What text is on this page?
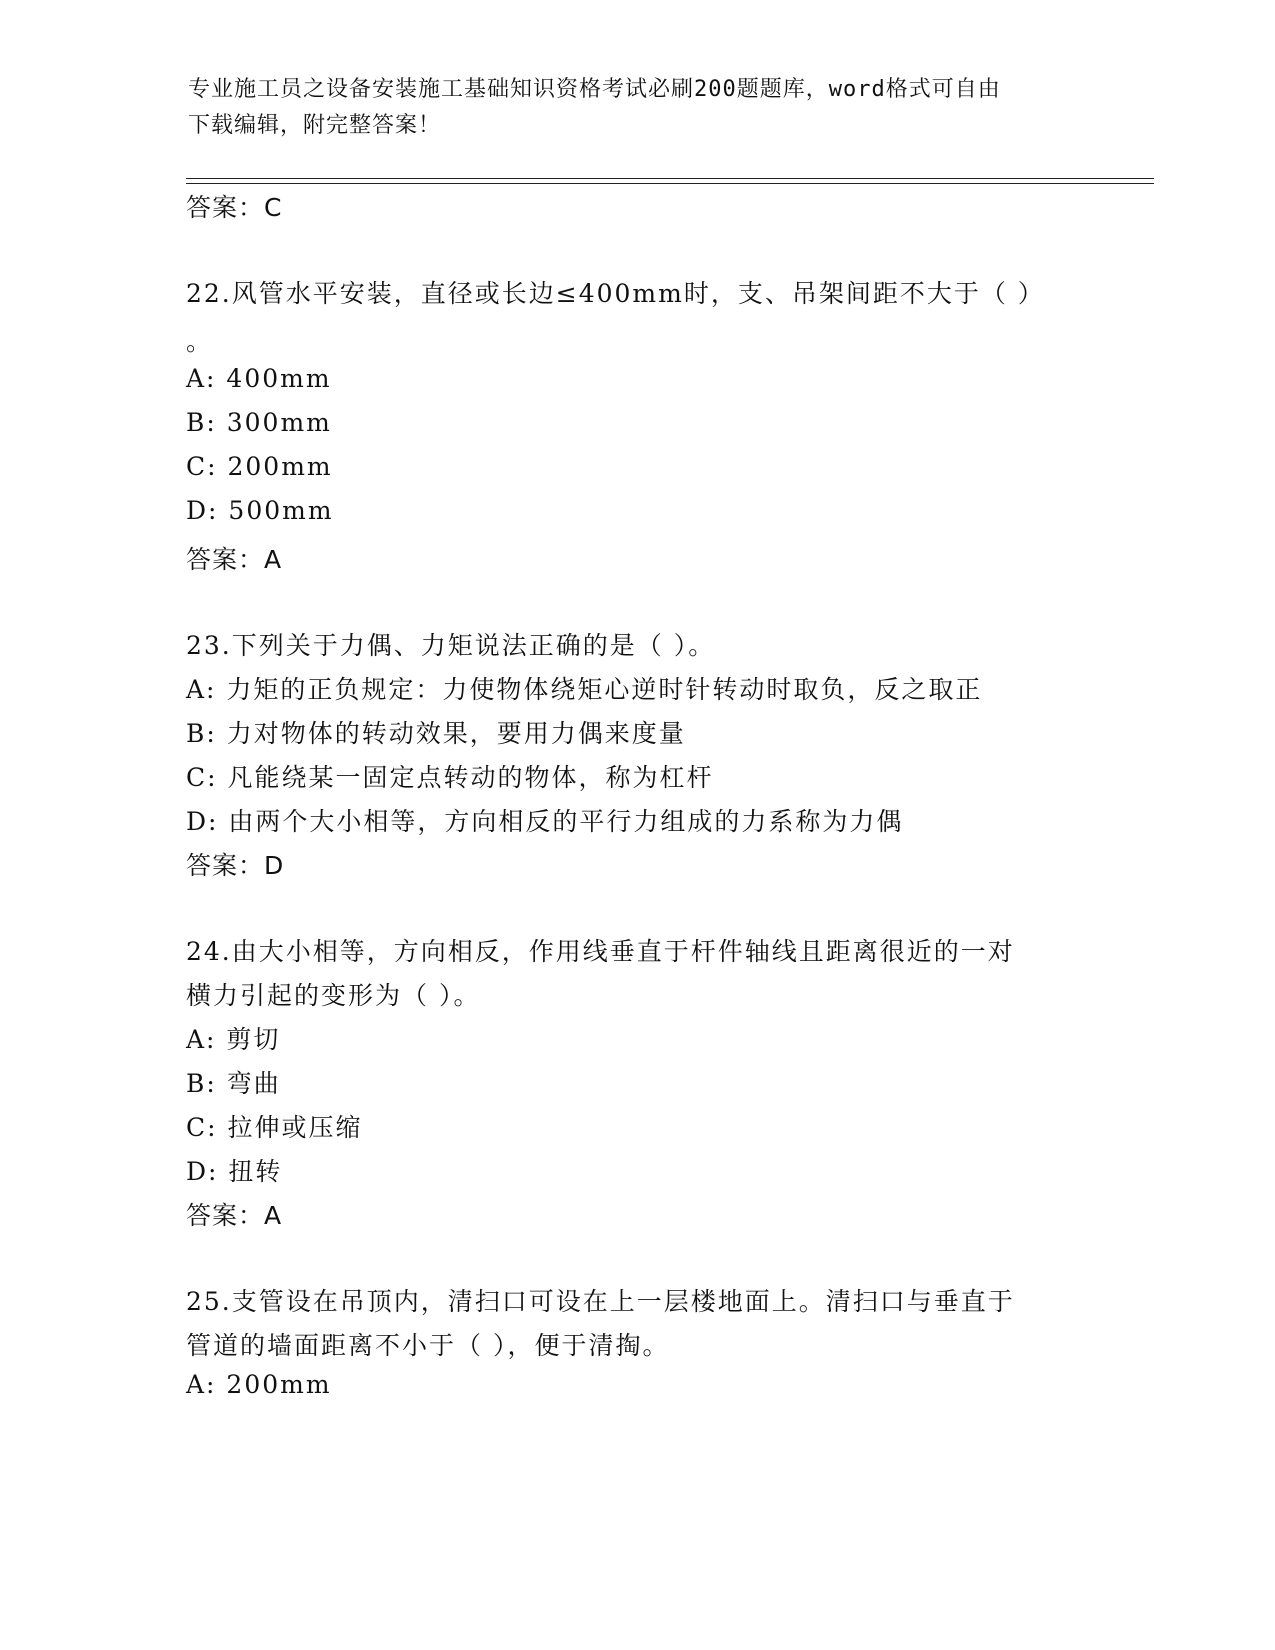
专业施工员之设备安装施工基础知识资格考试必刷200题题库，word格式可自由
下载编辑，附完整答案！
答案：C
22.风管水平安装，直径或长边≤400mm时，支、吊架间距不大于（ ）
。
A: 400mm
B: 300mm
C: 200mm
D: 500mm
答案：A
23.下列关于力偶、力矩说法正确的是（ ）。
A: 力矩的正负规定：力使物体绕矩心逆时针转动时取负，反之取正
B: 力对物体的转动效果，要用力偶来度量
C: 凡能绕某一固定点转动的物体，称为杠杆
D: 由两个大小相等，方向相反的平行力组成的力系称为力偶
答案：D
24.由大小相等，方向相反，作用线垂直于杆件轴线且距离很近的一对
横力引起的变形为（ ）。
A: 剪切
B: 弯曲
C: 拉伸或压缩
D: 扭转
答案：A
25.支管设在吊顶内，清扫口可设在上一层楼地面上。清扫口与垂直于
管道的墙面距离不小于（ ），便于清掏。
A: 200mm
